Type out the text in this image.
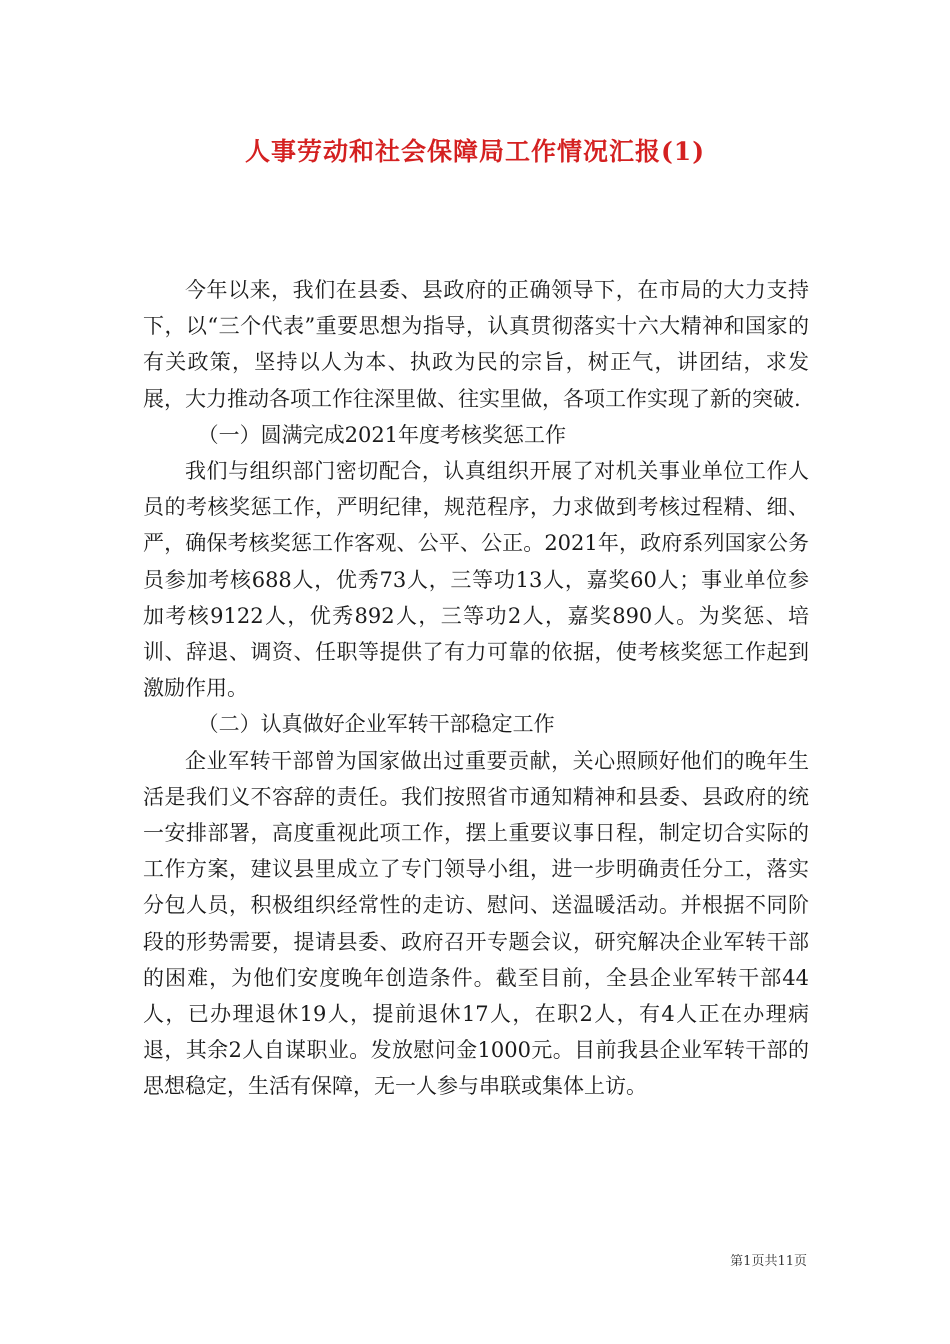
人事劳动和社会保障局工作情况汇报(1)

今年以来，我们在县委、县政府的正确领导下，在市局的大力支持下，以“三个代表”重要思想为指导，认真贯彻落实十六大精神和国家的有关政策，坚持以人为本、执政为民的宗旨，树正气，讲团结，求发展，大力推动各项工作往深里做、往实里做，各项工作实现了新的突破.

（一）圆满完成2021年度考核奖惩工作

我们与组织部门密切配合，认真组织开展了对机关事业单位工作人员的考核奖惩工作，严明纪律，规范程序，力求做到考核过程精、细、严，确保考核奖惩工作客观、公平、公正。2021年，政府系列国家公务员参加考核688人，优秀73人，三等功13人，嘉奖60人；事业单位参加考核9122人，优秀892人，三等功2人，嘉奖890人。为奖惩、培训、辞退、调资、任职等提供了有力可靠的依据，使考核奖惩工作起到激励作用。

（二）认真做好企业军转干部稳定工作

企业军转干部曾为国家做出过重要贡献，关心照顾好他们的晚年生活是我们义不容辞的责任。我们按照省市通知精神和县委、县政府的统一安排部署，高度重视此项工作，摆上重要议事日程，制定切合实际的工作方案，建议县里成立了专门领导小组，进一步明确责任分工，落实分包人员，积极组织经常性的走访、慰问、送温暖活动。并根据不同阶段的形势需要，提请县委、政府召开专题会议，研究解决企业军转干部的困难，为他们安度晚年创造条件。截至目前，全县企业军转干部44人，已办理退休19人，提前退休17人，在职2人，有4人正在办理病退，其余2人自谋职业。发放慰问金1000元。目前我县企业军转干部的思想稳定，生活有保障，无一人参与串联或集体上访。

第1页共11页
